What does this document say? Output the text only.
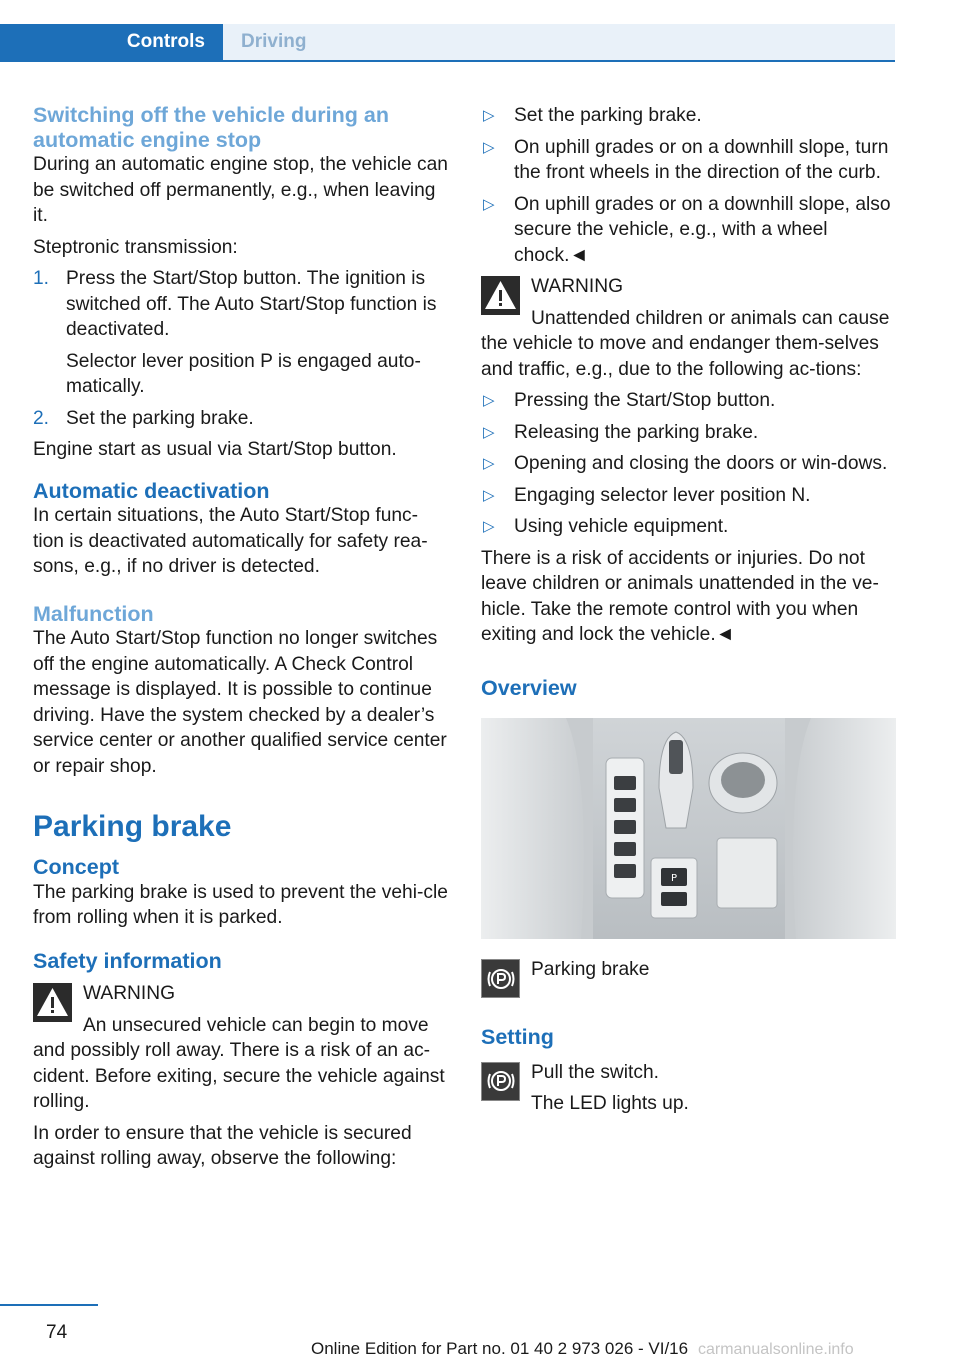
Controls	Driving
Switching off the vehicle during an automatic engine stop

During an automatic engine stop, the vehicle can be switched off permanently, e.g., when leaving it.

Steptronic transmission:

1. Press the Start/Stop button. The ignition is switched off. The Auto Start/Stop function is deactivated.
Selector lever position P is engaged auto‐matically.
2. Set the parking brake.

Engine start as usual via Start/Stop button.

Automatic deactivation

In certain situations, the Auto Start/Stop func‐tion is deactivated automatically for safety rea‐sons, e.g., if no driver is detected.

Malfunction

The Auto Start/Stop function no longer switches off the engine automatically. A Check Control message is displayed. It is possible to continue driving. Have the system checked by a dealer’s service center or another qualified service center or repair shop.

Parking brake
Concept

The parking brake is used to prevent the vehi‐cle from rolling when it is parked.

Safety information
WARNING

An unsecured vehicle can begin to move and possibly roll away. There is a risk of an ac‐cident. Before exiting, secure the vehicle against rolling.

In order to ensure that the vehicle is secured against rolling away, observe the following:

▷ Set the parking brake.
▷ On uphill grades or on a downhill slope, turn the front wheels in the direction of the curb.
▷ On uphill grades or on a downhill slope, also secure the vehicle, e.g., with a wheel chock.◄
WARNING

Unattended children or animals can cause the vehicle to move and endanger them‐selves and traffic, e.g., due to the following ac‐tions:

▷ Pressing the Start/Stop button.
▷ Releasing the parking brake.
▷ Opening and closing the doors or win‐dows.
▷ Engaging selector lever position N.
▷ Using vehicle equipment.

There is a risk of accidents or injuries. Do not leave children or animals unattended in the ve‐hicle. Take the remote control with you when exiting and lock the vehicle.◄

Overview
P
Parking brake
Setting
Pull the switch.
The LED lights up.
74
Online Edition for Part no. 01 40 2 973 026 - VI/16 carmanualsonline.info
